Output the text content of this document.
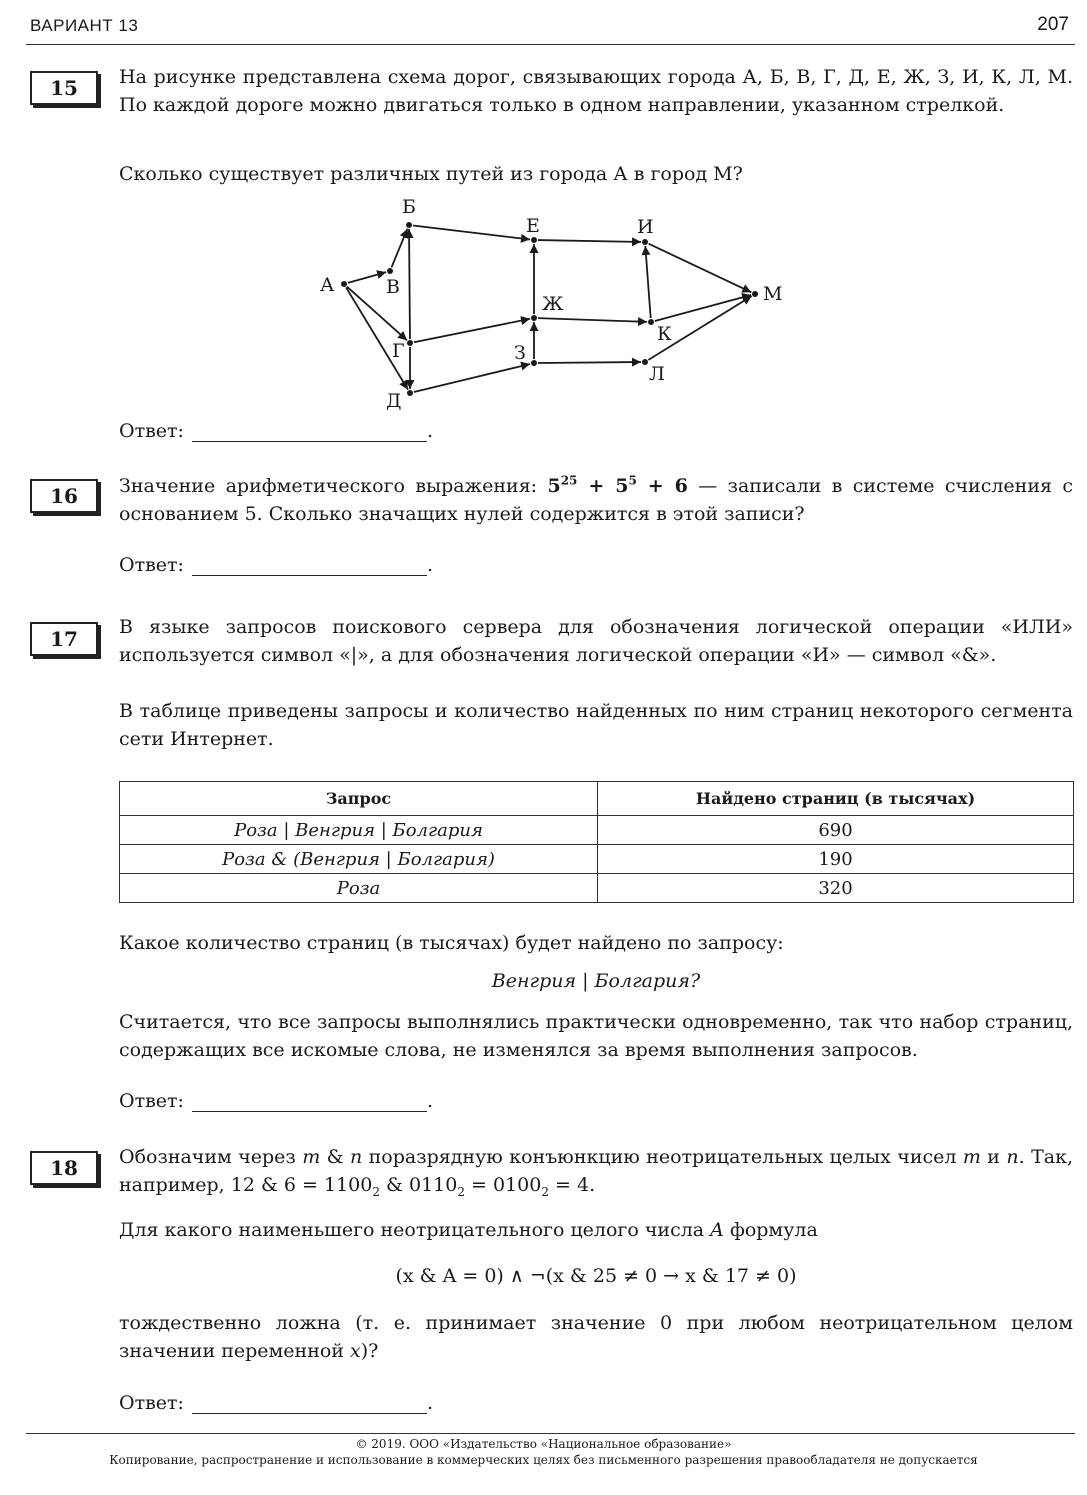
ВАРИАНТ 13	207
15	На рисунке представлена схема дорог, связывающих города А, Б, В, Г, Д, Е, Ж, З, И, К, Л, М. По каждой дороге можно двигаться только в одном направлении, указанном стрелкой.

Сколько существует различных путей из города А в город М?

А
Б
В
Г
Д
Е
Ж
З
И
К
Л
М
Ответ:	.
16	Значение арифметического выражения: $5^{25} + 5^5 + 6$ — записали в системе счисления с основанием 5. Сколько значащих нулей содержится в этой записи?

Ответ:	.
17	В языке запросов поискового сервера для обозначения логической операции «ИЛИ» используется символ «|», а для обозначения логической операции «И» — символ «&».

В таблице приведены запросы и количество найденных по ним страниц некоторого сегмента сети Интернет.

Запрос	Найдено страниц (в тысячах)
Роза | Венгрия | Болгария	690
Роза & (Венгрия | Болгария)	190
Роза	320

Какое количество страниц (в тысячах) будет найдено по запросу:

Венгрия | Болгария?

Считается, что все запросы выполнялись практически одновременно, так что набор страниц, содержащих все искомые слова, не изменялся за время выполнения запросов.

Ответ:	.
18	Обозначим через m & n поразрядную конъюнкцию неотрицательных целых чисел m и n. Так, например, 12 & $6 = 1100_2$ & $0110_2 = 0100_2 = 4$.

Для какого наименьшего неотрицательного целого числа A формула

(x & A = 0) ∧ ¬(x & 25 ≠ 0 → x & 17 ≠ 0)

тождественно ложна (т. е. принимает значение 0 при любом неотрицательном целом значении переменной x)?

Ответ:	.
© 2019. ООО «Издательство «Национальное образование»
Копирование, распространение и использование в коммерческих целях без письменного разрешения правообладателя не допускается
